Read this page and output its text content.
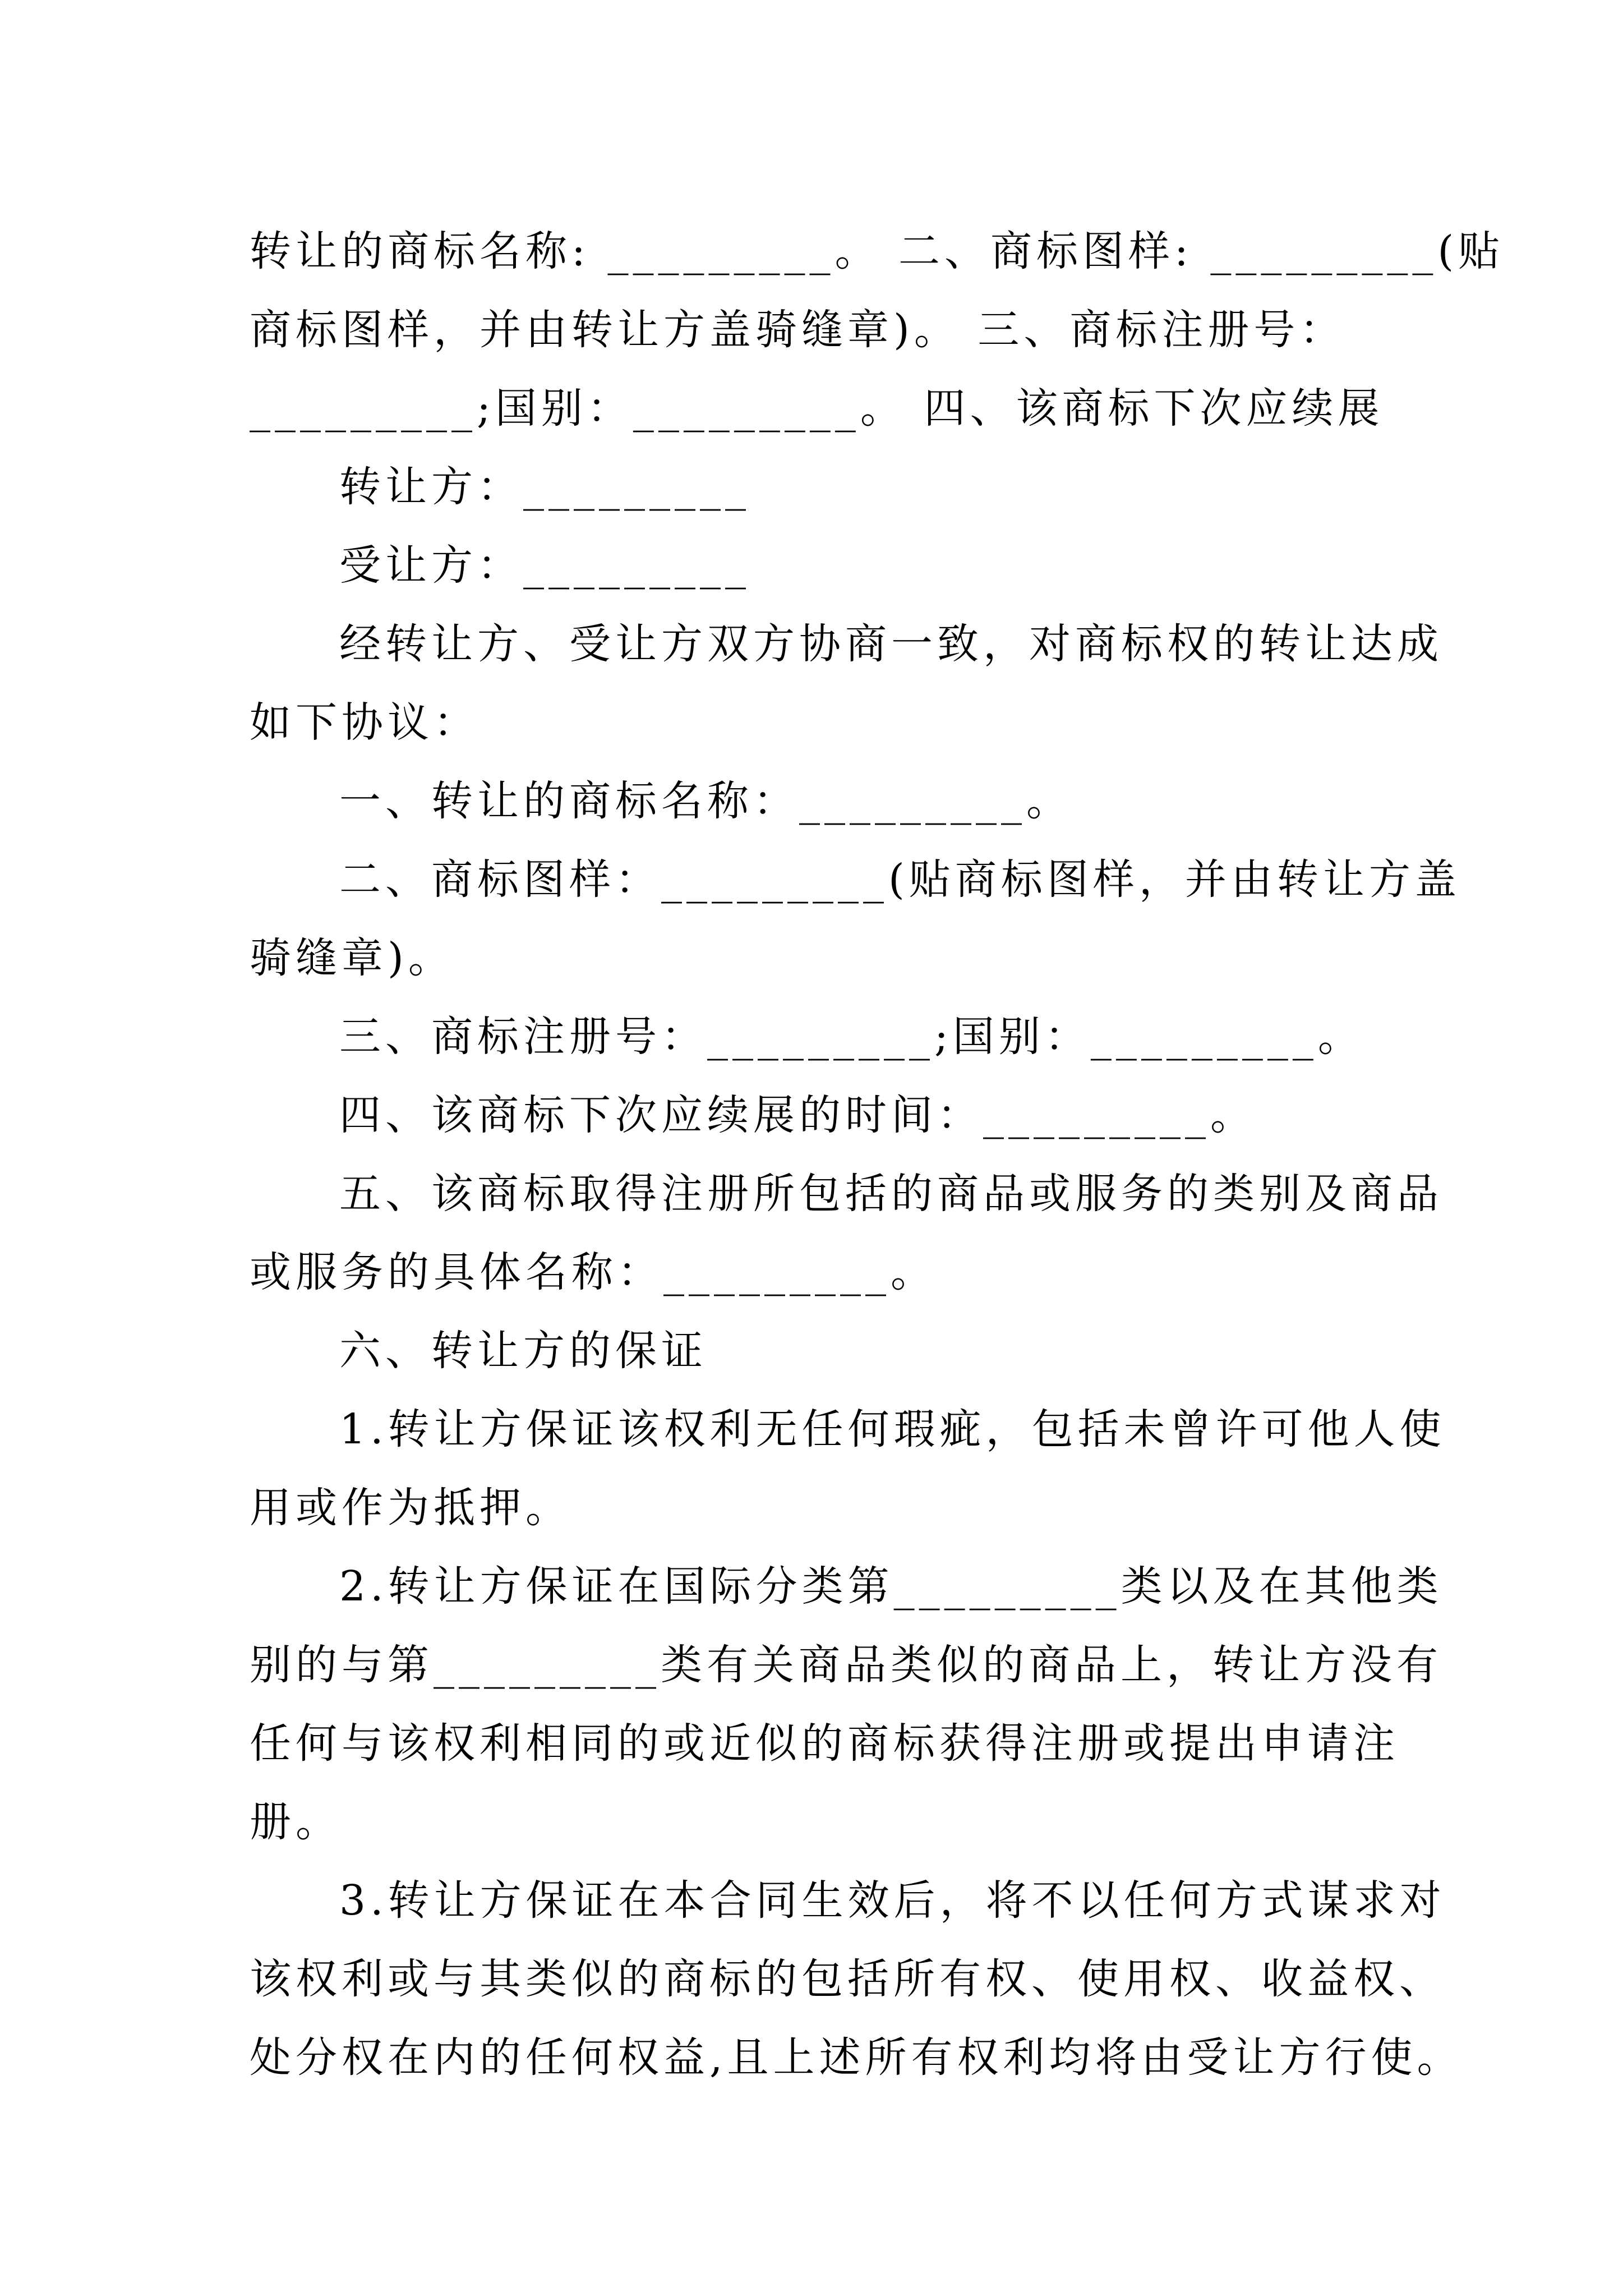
转让的商标名称: _________。 二、商标图样: _________(贴
商标图样，并由转让方盖骑缝章)。 三、商标注册号：
_________;国别：_________。 四、该商标下次应续展
转让方：_________
受让方：_________
经转让方、受让方双方协商一致，对商标权的转让达成
如下协议：
一、转让的商标名称：_________。
二、商标图样：_________(贴商标图样，并由转让方盖
骑缝章)。
三、商标注册号：_________;国别：_________。
四、该商标下次应续展的时间：_________。
五、该商标取得注册所包括的商品或服务的类别及商品
或服务的具体名称：_________。
六、转让方的保证
1.转让方保证该权利无任何瑕疵，包括未曾许可他人使
用或作为抵押。
2.转让方保证在国际分类第_________类以及在其他类
别的与第_________类有关商品类似的商品上，转让方没有
任何与该权利相同的或近似的商标获得注册或提出申请注
册。
3.转让方保证在本合同生效后，将不以任何方式谋求对
该权利或与其类似的商标的包括所有权、使用权、收益权、
处分权在内的任何权益,且上述所有权利均将由受让方行使。
